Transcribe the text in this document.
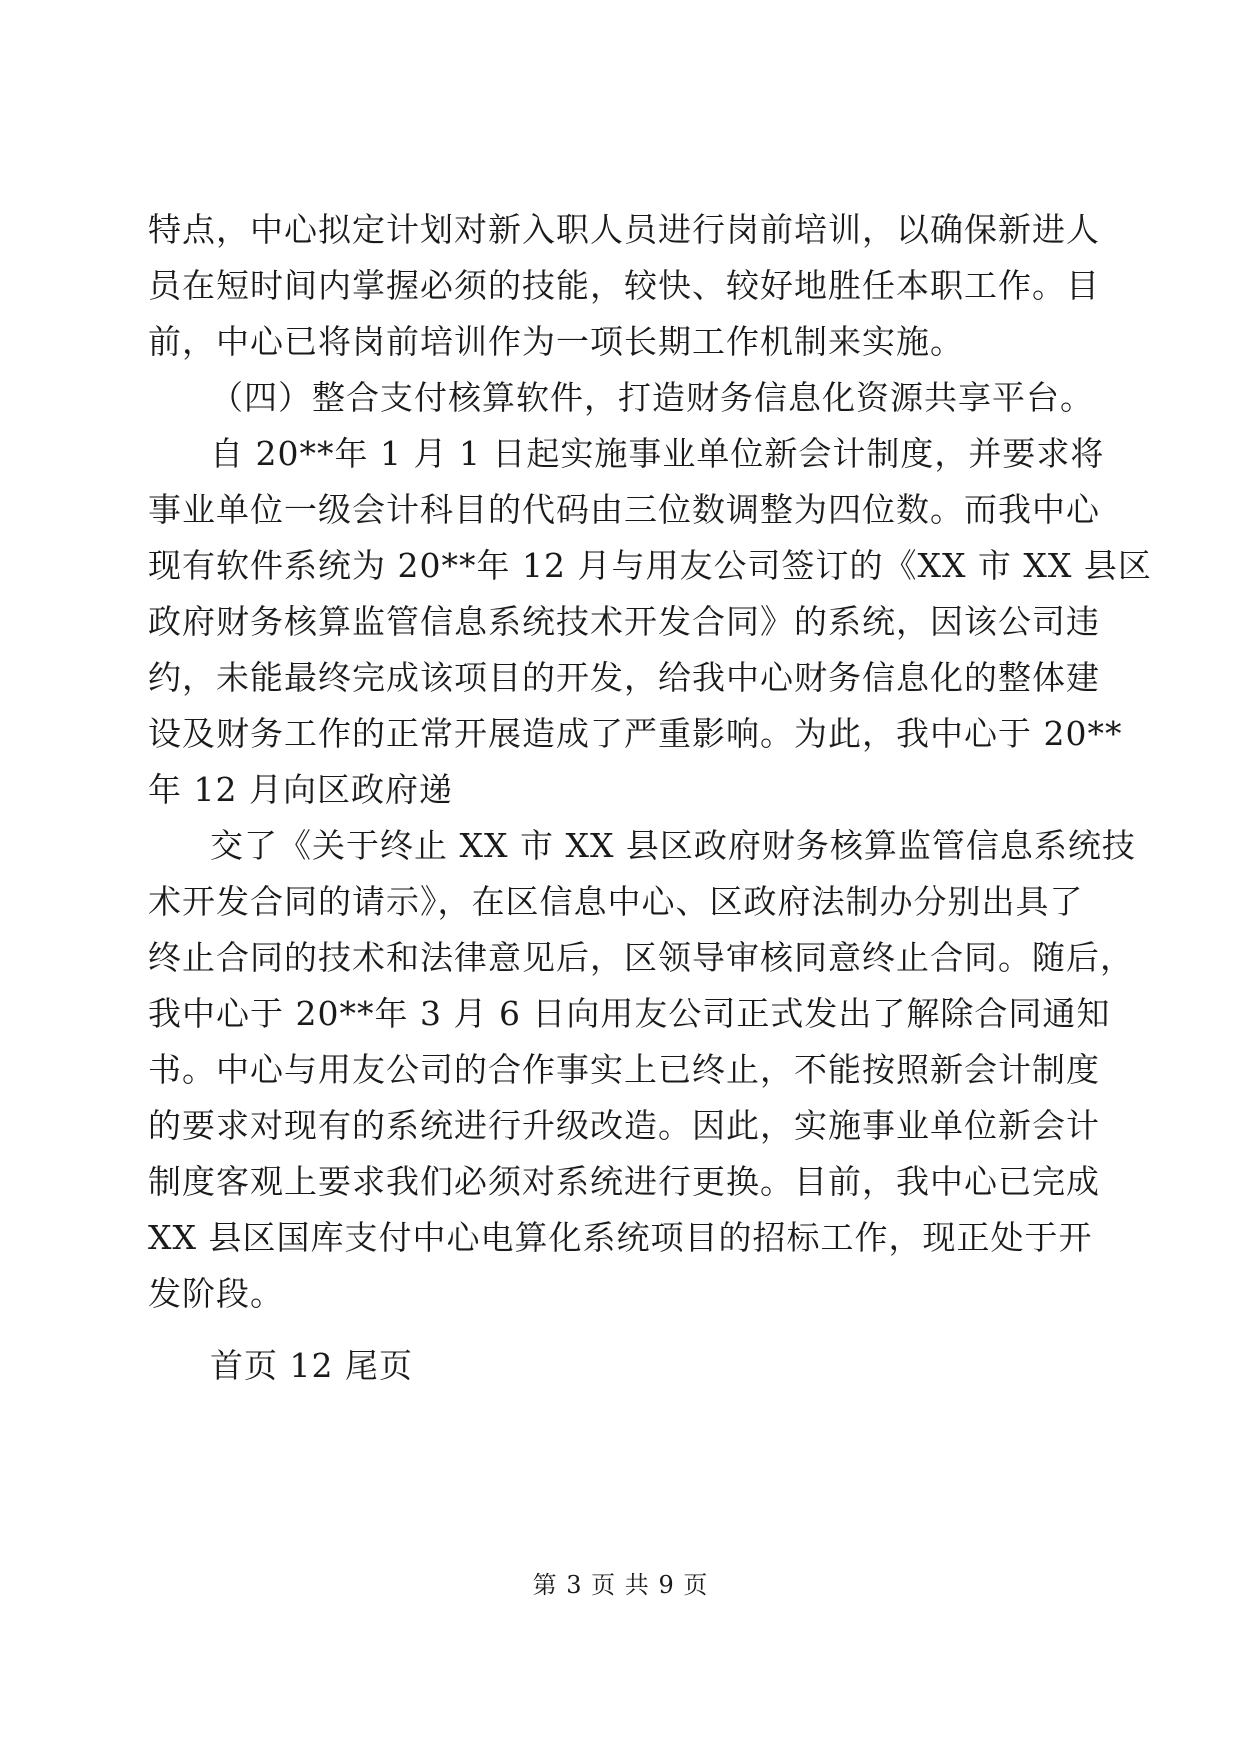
特点，中心拟定计划对新入职人员进行岗前培训，以确保新进人
员在短时间内掌握必须的技能，较快、较好地胜任本职工作。目
前，中心已将岗前培训作为一项长期工作机制来实施。
（四）整合支付核算软件，打造财务信息化资源共享平台。
自 20**年 1 月 1 日起实施事业单位新会计制度，并要求将
事业单位一级会计科目的代码由三位数调整为四位数。而我中心
现有软件系统为 20**年 12 月与用友公司签订的《XX 市 XX 县区
政府财务核算监管信息系统技术开发合同》的系统，因该公司违
约，未能最终完成该项目的开发，给我中心财务信息化的整体建
设及财务工作的正常开展造成了严重影响。为此，我中心于 20**
年 12 月向区政府递
交了《关于终止 XX 市 XX 县区政府财务核算监管信息系统技
术开发合同的请示》，在区信息中心、区政府法制办分别出具了
终止合同的技术和法律意见后，区领导审核同意终止合同。随后，
我中心于 20**年 3 月 6 日向用友公司正式发出了解除合同通知
书。中心与用友公司的合作事实上已终止，不能按照新会计制度
的要求对现有的系统进行升级改造。因此，实施事业单位新会计
制度客观上要求我们必须对系统进行更换。目前，我中心已完成
XX 县区国库支付中心电算化系统项目的招标工作，现正处于开
发阶段。
首页 12 尾页
第 3 页 共 9 页
